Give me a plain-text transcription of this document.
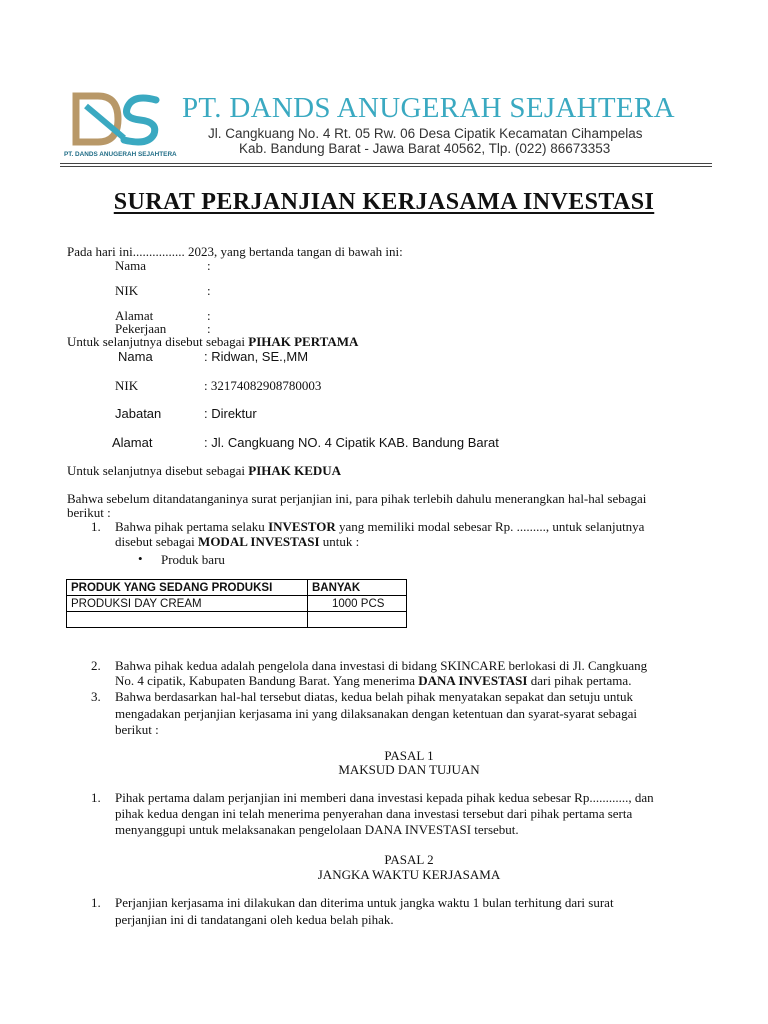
PT. DANDS ANUGERAH SEJAHTERA
PT. DANDS ANUGERAH SEJAHTERA
Jl. Cangkuang No. 4 Rt. 05 Rw. 06 Desa Cipatik Kecamatan Cihampelas
Kab. Bandung Barat - Jawa Barat 40562, Tlp. (022) 86673353
SURAT PERJANJIAN KERJASAMA INVESTASI
Pada hari ini................ 2023, yang bertanda tangan di bawah ini:
Nama	:
NIK	:
Alamat	:
Pekerjaan	:
Untuk selanjutnya disebut sebagai PIHAK PERTAMA
Nama	: Ridwan, SE.,MM
NIK	: 32174082908780003
Jabatan	: Direktur
Alamat	: Jl. Cangkuang NO. 4 Cipatik KAB. Bandung Barat
Untuk selanjutnya disebut sebagai PIHAK KEDUA
Bahwa sebelum ditandatanganinya surat perjanjian ini, para pihak terlebih dahulu menerangkan hal-hal sebagai
berikut :
1. Bahwa pihak pertama selaku INVESTOR yang memiliki modal sebesar Rp. ........., untuk selanjutnya
disebut sebagai MODAL INVESTASI untuk :
• Produk baru
PRODUK YANG SEDANG PRODUKSI	BANYAK
PRODUKSI DAY CREAM	1000 PCS

2. Bahwa pihak kedua adalah pengelola dana investasi di bidang SKINCARE berlokasi di Jl. Cangkuang
No. 4 cipatik, Kabupaten Bandung Barat. Yang menerima DANA INVESTASI dari pihak pertama.
3. Bahwa berdasarkan hal-hal tersebut diatas, kedua belah pihak menyatakan sepakat dan setuju untuk
mengadakan perjanjian kerjasama ini yang dilaksanakan dengan ketentuan dan syarat-syarat sebagai
berikut :
PASAL 1
MAKSUD DAN TUJUAN
1. Pihak pertama dalam perjanjian ini memberi dana investasi kepada pihak kedua sebesar Rp............, dan
pihak kedua dengan ini telah menerima penyerahan dana investasi tersebut dari pihak pertama serta
menyanggupi untuk melaksanakan pengelolaan DANA INVESTASI tersebut.
PASAL 2
JANGKA WAKTU KERJASAMA
1. Perjanjian kerjasama ini dilakukan dan diterima untuk jangka waktu 1 bulan terhitung dari surat
perjanjian ini di tandatangani oleh kedua belah pihak.
